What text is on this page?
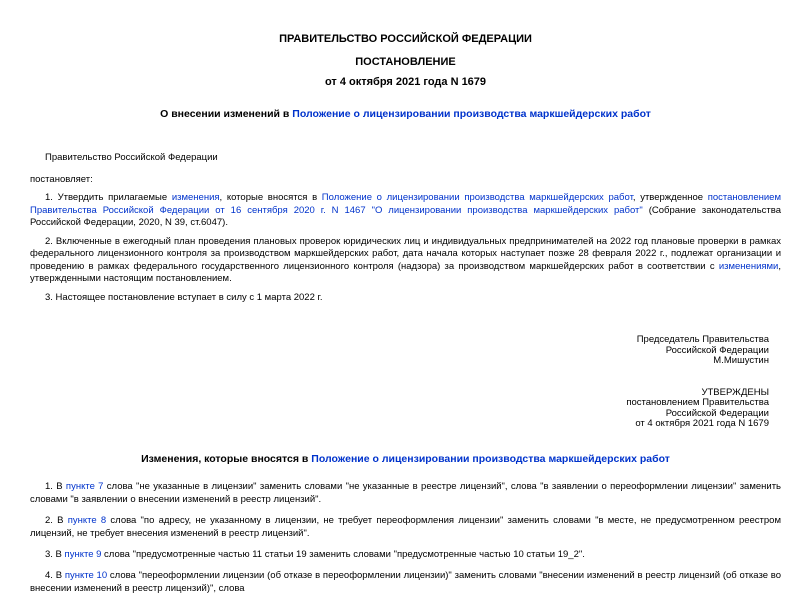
ПРАВИТЕЛЬСТВО РОССИЙСКОЙ ФЕДЕРАЦИИ
ПОСТАНОВЛЕНИЕ
от 4 октября 2021 года N 1679
О внесении изменений в Положение о лицензировании производства маркшейдерских работ
Правительство Российской Федерации
постановляет:

1. Утвердить прилагаемые изменения, которые вносятся в Положение о лицензировании производства маркшейдерских работ, утвержденное постановлением Правительства Российской Федерации от 16 сентября 2020 г. N 1467 "О лицензировании производства маркшейдерских работ" (Собрание законодательства Российской Федерации, 2020, N 39, ст.6047).

2. Включенные в ежегодный план проведения плановых проверок юридических лиц и индивидуальных предпринимателей на 2022 год плановые проверки в рамках федерального лицензионного контроля за производством маркшейдерских работ, дата начала которых наступает позже 28 февраля 2022 г., подлежат организации и проведению в рамках федерального государственного лицензионного контроля (надзора) за производством маркшейдерских работ в соответствии с изменениями, утвержденными настоящим постановлением.

3. Настоящее постановление вступает в силу с 1 марта 2022 г.

Председатель Правительства
Российской Федерации
М.Мишустин
УТВЕРЖДЕНЫ
постановлением Правительства
Российской Федерации
от 4 октября 2021 года N 1679
Изменения, которые вносятся в Положение о лицензировании производства маркшейдерских работ

1. В пункте 7 слова "не указанные в лицензии" заменить словами "не указанные в реестре лицензий", слова "в заявлении о переоформлении лицензии" заменить словами "в заявлении о внесении изменений в реестр лицензий".

2. В пункте 8 слова "по адресу, не указанному в лицензии, не требует переоформления лицензии" заменить словами "в месте, не предусмотренном реестром лицензий, не требует внесения изменений в реестр лицензий".

3. В пункте 9 слова "предусмотренные частью 11 статьи 19 заменить словами "предусмотренные частью 10 статьи 19_2".

4. В пункте 10 слова "переоформлении лицензии (об отказе в переоформлении лицензии)" заменить словами "внесении изменений в реестр лицензий (об отказе во внесении изменений в реестр лицензий)", слова
